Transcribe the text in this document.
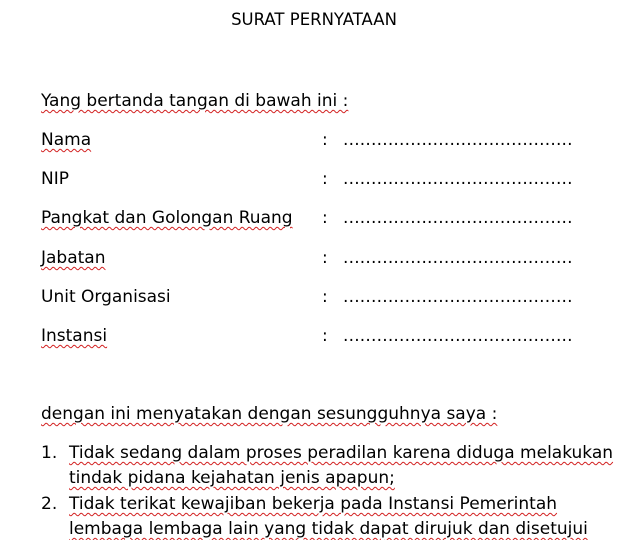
SURAT PERNYATAAN
Yang bertanda tangan di bawah ini :
Nama	: .........................................
NIP	: .........................................
Pangkat dan Golongan Ruang : .........................................
Jabatan	: .........................................
Unit Organisasi	: .........................................
Instansi	: .........................................
dengan ini menyatakan dengan sesungguhnya saya :
1. Tidak sedang dalam proses peradilan karena diduga melakukan
tindak pidana kejahatan jenis apapun;
2. Tidak terikat kewajiban bekerja pada Instansi Pemerintah
lembaga lembaga lain yang tidak dapat dirujuk dan disetujui
